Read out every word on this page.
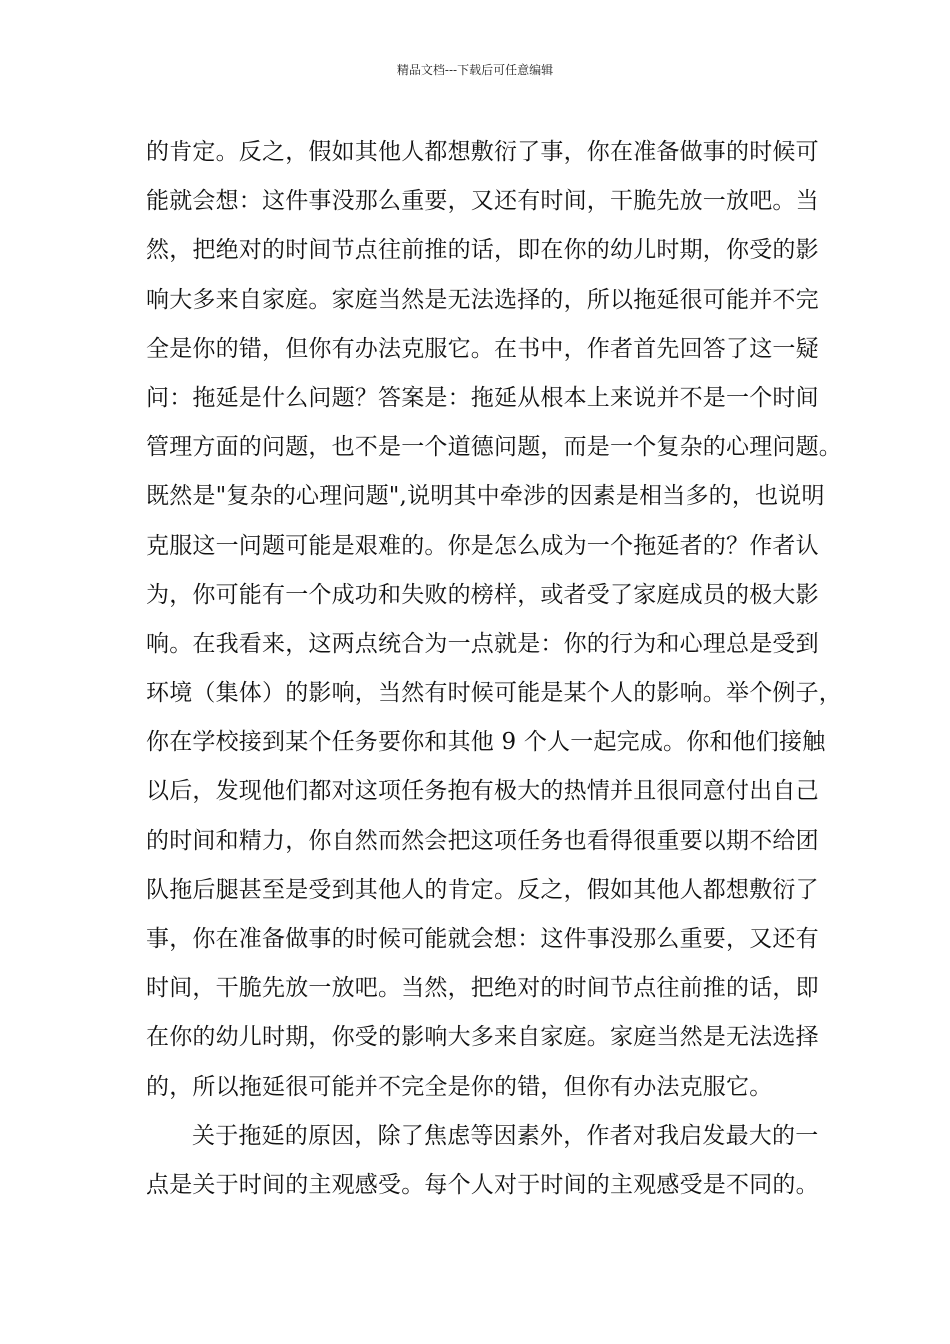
精品文档---下载后可任意编辑
的肯定。反之，假如其他人都想敷衍了事，你在准备做事的时候可
能就会想：这件事没那么重要，又还有时间，干脆先放一放吧。当
然，把绝对的时间节点往前推的话，即在你的幼儿时期，你受的影
响大多来自家庭。家庭当然是无法选择的，所以拖延很可能并不完
全是你的错，但你有办法克服它。在书中，作者首先回答了这一疑
问：拖延是什么问题？答案是：拖延从根本上来说并不是一个时间
管理方面的问题，也不是一个道德问题，而是一个复杂的心理问题。
既然是"复杂的心理问题",说明其中牵涉的因素是相当多的，也说明
克服这一问题可能是艰难的。你是怎么成为一个拖延者的？作者认
为，你可能有一个成功和失败的榜样，或者受了家庭成员的极大影
响。在我看来，这两点统合为一点就是：你的行为和心理总是受到
环境（集体）的影响，当然有时候可能是某个人的影响。举个例子，
你在学校接到某个任务要你和其他 9 个人一起完成。你和他们接触
以后，发现他们都对这项任务抱有极大的热情并且很同意付出自己
的时间和精力，你自然而然会把这项任务也看得很重要以期不给团
队拖后腿甚至是受到其他人的肯定。反之，假如其他人都想敷衍了
事，你在准备做事的时候可能就会想：这件事没那么重要，又还有
时间，干脆先放一放吧。当然，把绝对的时间节点往前推的话，即
在你的幼儿时期，你受的影响大多来自家庭。家庭当然是无法选择
的，所以拖延很可能并不完全是你的错，但你有办法克服它。
关于拖延的原因，除了焦虑等因素外，作者对我启发最大的一
点是关于时间的主观感受。每个人对于时间的主观感受是不同的。
